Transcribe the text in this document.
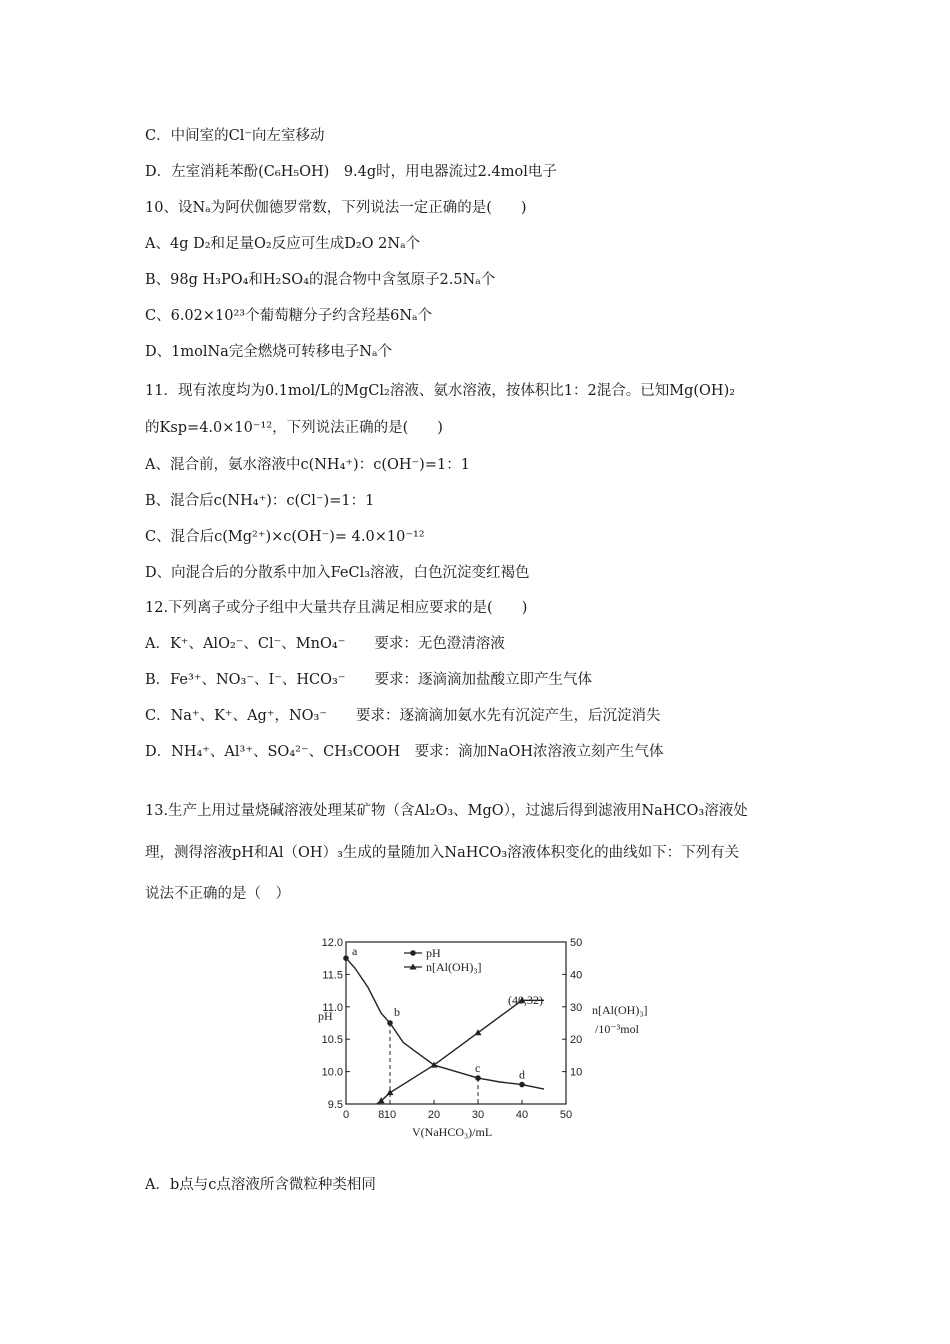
C．中间室的Cl⁻向左室移动
D．左室消耗苯酚(C₆H₅OH)　9.4g时，用电器流过2.4mol电子
10、设Nₐ为阿伏伽德罗常数，下列说法一定正确的是(　　)
A、4g D₂和足量O₂反应可生成D₂O 2Nₐ个
B、98g H₃PO₄和H₂SO₄的混合物中含氢原子2.5Nₐ个
C、6.02×10²³个葡萄糖分子约含羟基6Nₐ个
D、1molNa完全燃烧可转移电子Nₐ个
11．现有浓度均为0.1mol/L的MgCl₂溶液、氨水溶液，按体积比1：2混合。已知Mg(OH)₂
的Ksp=4.0×10⁻¹²，下列说法正确的是(　　)
A、混合前，氨水溶液中c(NH₄⁺)：c(OH⁻)=1：1
B、混合后c(NH₄⁺)：c(Cl⁻)=1：1
C、混合后c(Mg²⁺)×c(OH⁻)= 4.0×10⁻¹²
D、向混合后的分散系中加入FeCl₃溶液，白色沉淀变红褐色
12.下列离子或分子组中大量共存且满足相应要求的是(　　)
A．K⁺、AlO₂⁻、Cl⁻、MnO₄⁻　　要求：无色澄清溶液
B．Fe³⁺、NO₃⁻、I⁻、HCO₃⁻　　要求：逐滴滴加盐酸立即产生气体
C．Na⁺、K⁺、Ag⁺，NO₃⁻　　要求：逐滴滴加氨水先有沉淀产生，后沉淀消失
D．NH₄⁺、Al³⁺、SO₄²⁻、CH₃COOH　要求：滴加NaOH浓溶液立刻产生气体
13.生产上用过量烧碱溶液处理某矿物（含Al₂O₃、MgO），过滤后得到滤液用NaHCO₃溶液处
理，测得溶液pH和Al（OH）₃生成的量随加入NaHCO₃溶液体积变化的曲线如下：下列有关
说法不正确的是（　）
0	8 10	20	30	40	50
9.5
10.0
10.5
11.0
11.5
12.0
10
20
30
40
50
a
b
c	d
pH	n[Al(OH)₃]
/10⁻³mol
V(NaHCO₃)/mL
pH
n[Al(OH)₃]
(40,32)
A．b点与c点溶液所含微粒种类相同
